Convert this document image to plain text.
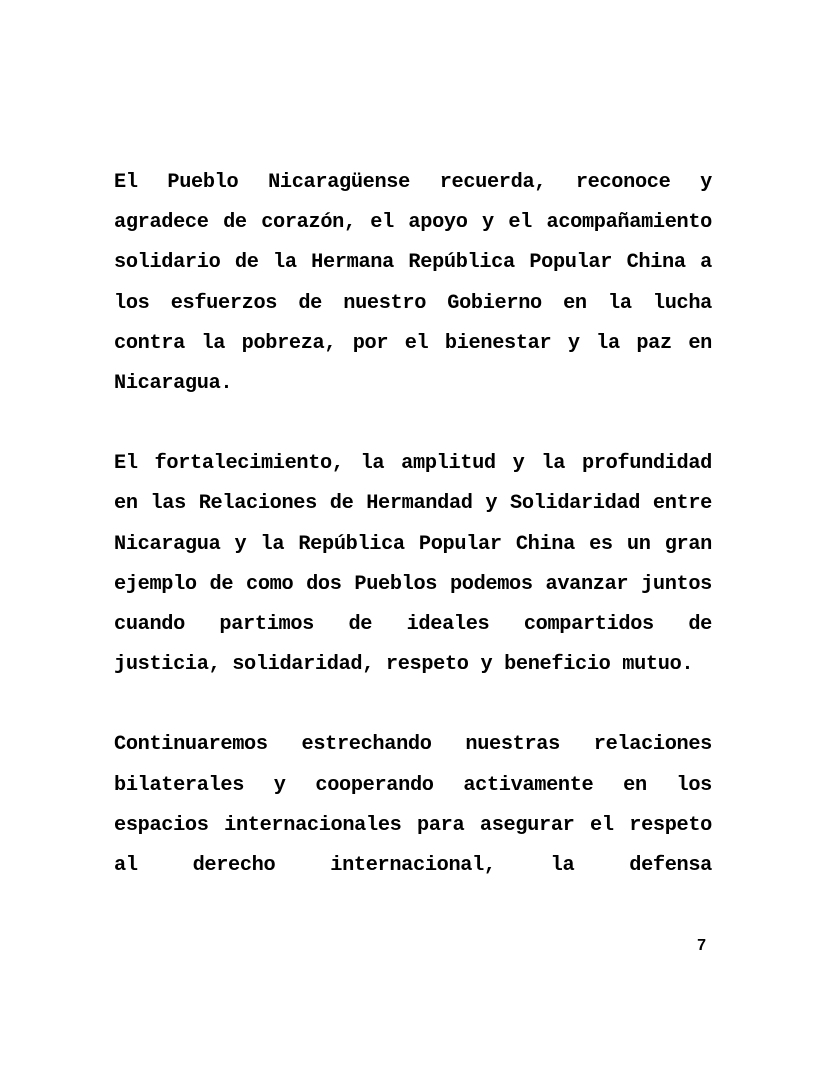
El Pueblo Nicaragüense recuerda, reconoce y agradece de corazón, el apoyo y el acompañamiento solidario de la Hermana República Popular China a los esfuerzos de nuestro Gobierno en la lucha contra la pobreza, por el bienestar y la paz en Nicaragua.

El fortalecimiento, la amplitud y la profundidad en las Relaciones de Hermandad y Solidaridad entre Nicaragua y la República Popular China es un gran ejemplo de como dos Pueblos podemos avanzar juntos cuando partimos de ideales compartidos de justicia, solidaridad, respeto y beneficio mutuo.

Continuaremos estrechando nuestras relaciones bilaterales y cooperando activamente en los espacios internacionales para asegurar el respeto al derecho internacional, la defensa

7
